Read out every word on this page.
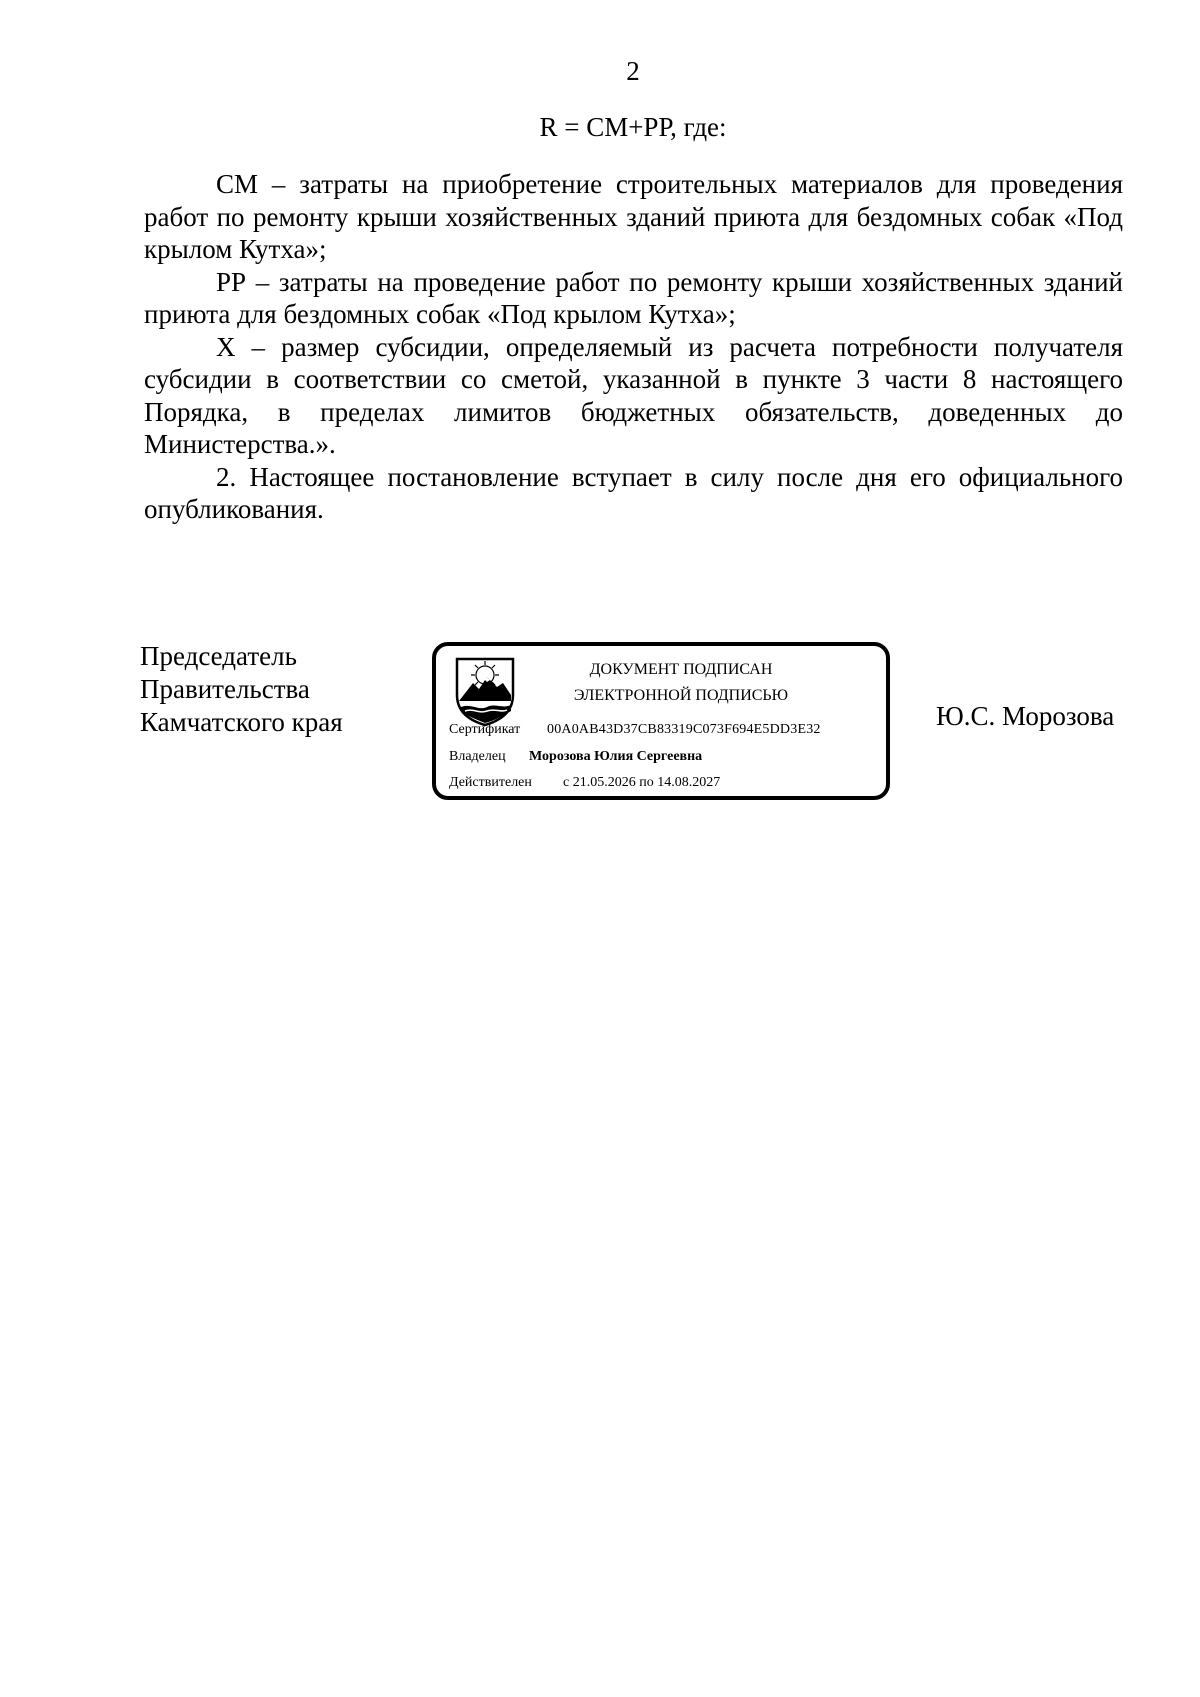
2
R = СМ+РР, где:

СМ – затраты на приобретение строительных материалов для проведения работ по ремонту крыши хозяйственных зданий приюта для бездомных собак «Под крылом Кутха»;

РР – затраты на проведение работ по ремонту крыши хозяйственных зданий приюта для бездомных собак «Под крылом Кутха»;

X – размер субсидии, определяемый из расчета потребности получателя субсидии в соответствии со сметой, указанной в пункте 3 части 8 настоящего Порядка, в пределах лимитов бюджетных обязательств, доведенных до Министерства.».

2. Настоящее постановление вступает в силу после дня его официального опубликования.

Председатель
Правительства
Камчатского края
ДОКУМЕНТ ПОДПИСАН
ЭЛЕКТРОННОЙ ПОДПИСЬЮ
Сертификат 00A0AB43D37CB83319C073F694E5DD3E32
Владелец Морозова Юлия Сергеевна
Действителен с 21.05.2026 по 14.08.2027
Ю.С. Морозова
